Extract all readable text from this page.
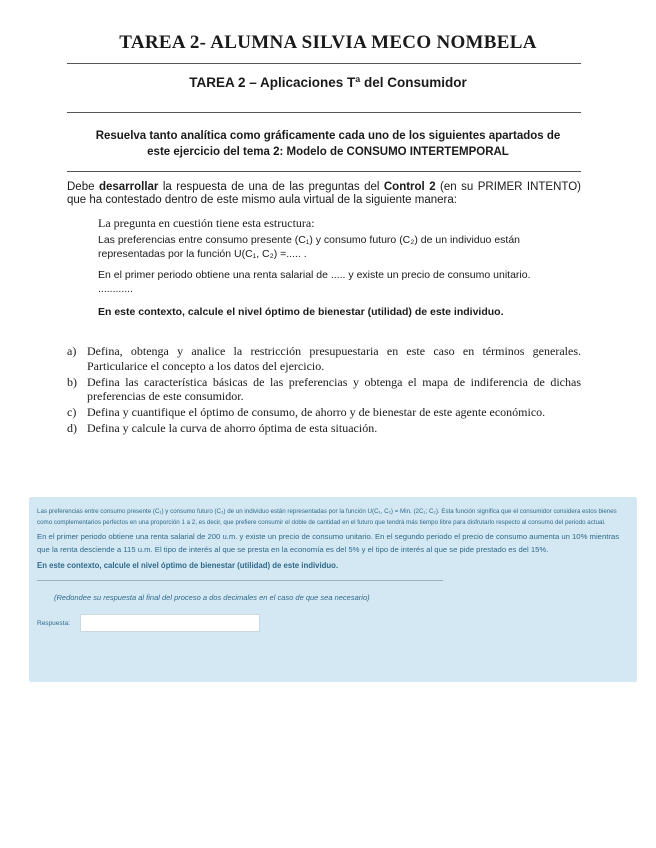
TAREA 2- ALUMNA SILVIA MECO NOMBELA
TAREA 2 – Aplicaciones Tª del Consumidor
Resuelva tanto analítica como gráficamente cada uno de los siguientes apartados de
este ejercicio del tema 2: Modelo de CONSUMO INTERTEMPORAL
Debe desarrollar la respuesta de una de las preguntas del Control 2 (en su PRIMER INTENTO) que ha contestado dentro de este mismo aula virtual de la siguiente manera:
La pregunta en cuestión tiene esta estructura:
Las preferencias entre consumo presente (C₁) y consumo futuro (C₂) de un individuo están representadas por la función U(C₁, C₂) =..... .
En el primer periodo obtiene una renta salarial de ..... y existe un precio de consumo unitario. ............
En este contexto, calcule el nivel óptimo de bienestar (utilidad) de este individuo.
a) Defina, obtenga y analice la restricción presupuestaria en este caso en términos generales. Particularice el concepto a los datos del ejercicio.
b) Defina las característica básicas de las preferencias y obtenga el mapa de indiferencia de dichas preferencias de este consumidor.
c) Defina y cuantifique el óptimo de consumo, de ahorro y de bienestar de este agente económico.
d) Defina y calcule la curva de ahorro óptima de esta situación.

Las preferencias entre consumo presente (C₁) y consumo futuro (C₂) de un individuo están representadas por la función U(C₁, C₂) = Min. (2C₁; C₂). Esta función significa que el consumidor considera estos bienes como complementarios perfectos en una proporción 1 a 2, es decir, que prefiere consumir el doble de cantidad en el futuro que tendrá más tiempo libre para disfrutarlo respecto al consumo del periodo actual.

En el primer periodo obtiene una renta salarial de 200 u.m. y existe un precio de consumo unitario. En el segundo periodo el precio de consumo aumenta un 10% mientras que la renta desciende a 115 u.m. El tipo de interés al que se presta en la economía es del 5% y el tipo de interés al que se pide prestado es del 15%.

En este contexto, calcule el nivel óptimo de bienestar (utilidad) de este individuo.

(Redondee su respuesta al final del proceso a dos decimales en el caso de que sea necesario)

Respuesta:
